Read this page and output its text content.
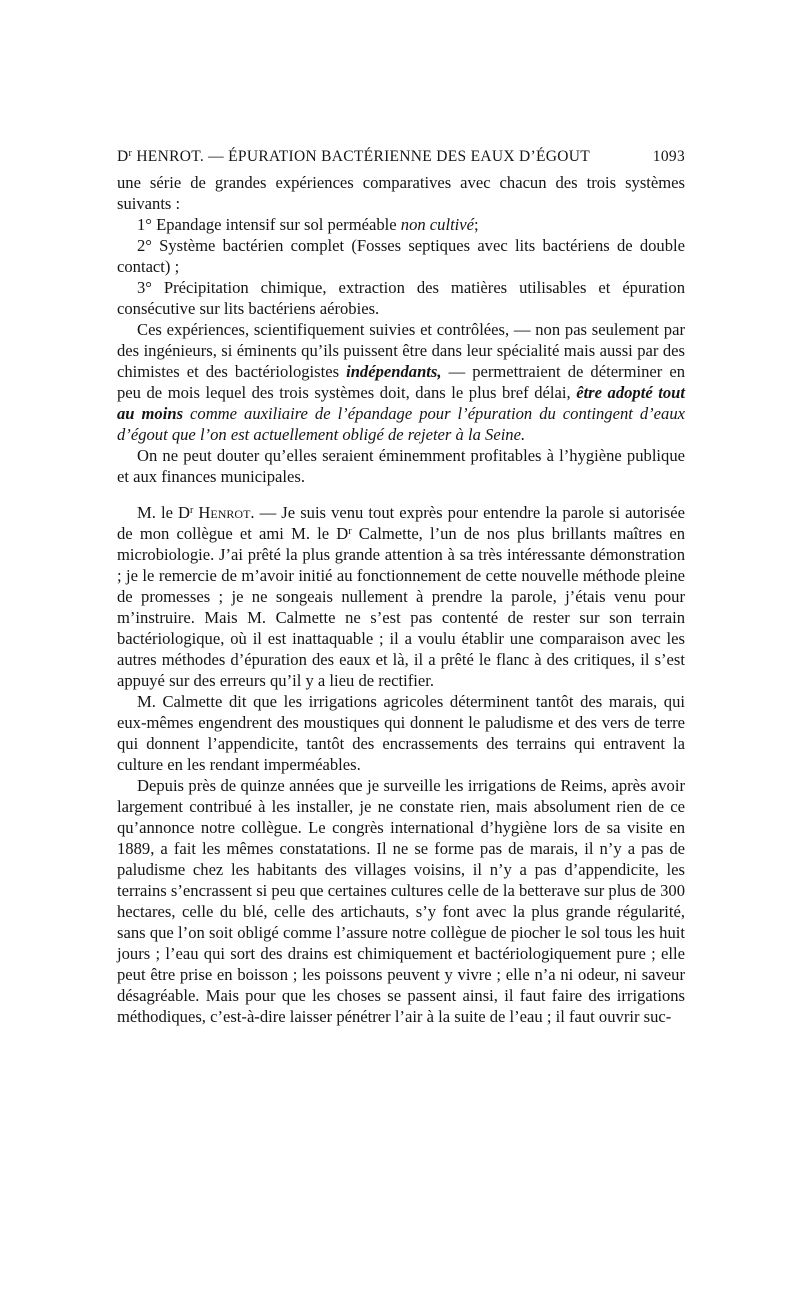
$D^r$ HENROT. — ÉPURATION BACTÉRIENNE DES EAUX D’ÉGOUT	1093

une série de grandes expériences comparatives avec chacun des trois systèmes suivants :

1° Epandage intensif sur sol perméable non cultivé;

2° Système bactérien complet (Fosses septiques avec lits bactériens de double contact) ;

3° Précipitation chimique, extraction des matières utilisables et épuration consécutive sur lits bactériens aérobies.

Ces expériences, scientifiquement suivies et contrôlées, — non pas seulement par des ingénieurs, si éminents qu’ils puissent être dans leur spécialité mais aussi par des chimistes et des bactériologistes indépendants, — permettraient de déterminer en peu de mois lequel des trois systèmes doit, dans le plus bref délai, être adopté tout au moins comme auxiliaire de l’épandage pour l’épuration du contingent d’eaux d’égout que l’on est actuellement obligé de rejeter à la Seine.

On ne peut douter qu’elles seraient éminemment profitables à l’hygiène publique et aux finances municipales.

M. le $D^r$ Henrot. — Je suis venu tout exprès pour entendre la parole si autorisée de mon collègue et ami M. le $D^r$ Calmette, l’un de nos plus brillants maîtres en microbiologie. J’ai prêté la plus grande attention à sa très intéressante démonstration ; je le remercie de m’avoir initié au fonctionnement de cette nouvelle méthode pleine de promesses ; je ne songeais nullement à prendre la parole, j’étais venu pour m’instruire. Mais M. Calmette ne s’est pas contenté de rester sur son terrain bactériologique, où il est inattaquable ; il a voulu établir une comparaison avec les autres méthodes d’épuration des eaux et là, il a prêté le flanc à des critiques, il s’est appuyé sur des erreurs qu’il y a lieu de rectifier.

M. Calmette dit que les irrigations agricoles déterminent tantôt des marais, qui eux-mêmes engendrent des moustiques qui donnent le paludisme et des vers de terre qui donnent l’appendicite, tantôt des encrassements des terrains qui entravent la culture en les rendant imperméables.

Depuis près de quinze années que je surveille les irrigations de Reims, après avoir largement contribué à les installer, je ne constate rien, mais absolument rien de ce qu’annonce notre collègue. Le congrès international d’hygiène lors de sa visite en 1889, a fait les mêmes constatations. Il ne se forme pas de marais, il n’y a pas de paludisme chez les habitants des villages voisins, il n’y a pas d’appendicite, les terrains s’encrassent si peu que certaines cultures celle de la betterave sur plus de 300 hectares, celle du blé, celle des artichauts, s’y font avec la plus grande régularité, sans que l’on soit obligé comme l’assure notre collègue de piocher le sol tous les huit jours ; l’eau qui sort des drains est chimiquement et bactériologiquement pure ; elle peut être prise en boisson ; les poissons peuvent y vivre ; elle n’a ni odeur, ni saveur désagréable. Mais pour que les choses se passent ainsi, il faut faire des irrigations méthodiques, c’est-à-dire laisser pénétrer l’air à la suite de l’eau ; il faut ouvrir suc-
